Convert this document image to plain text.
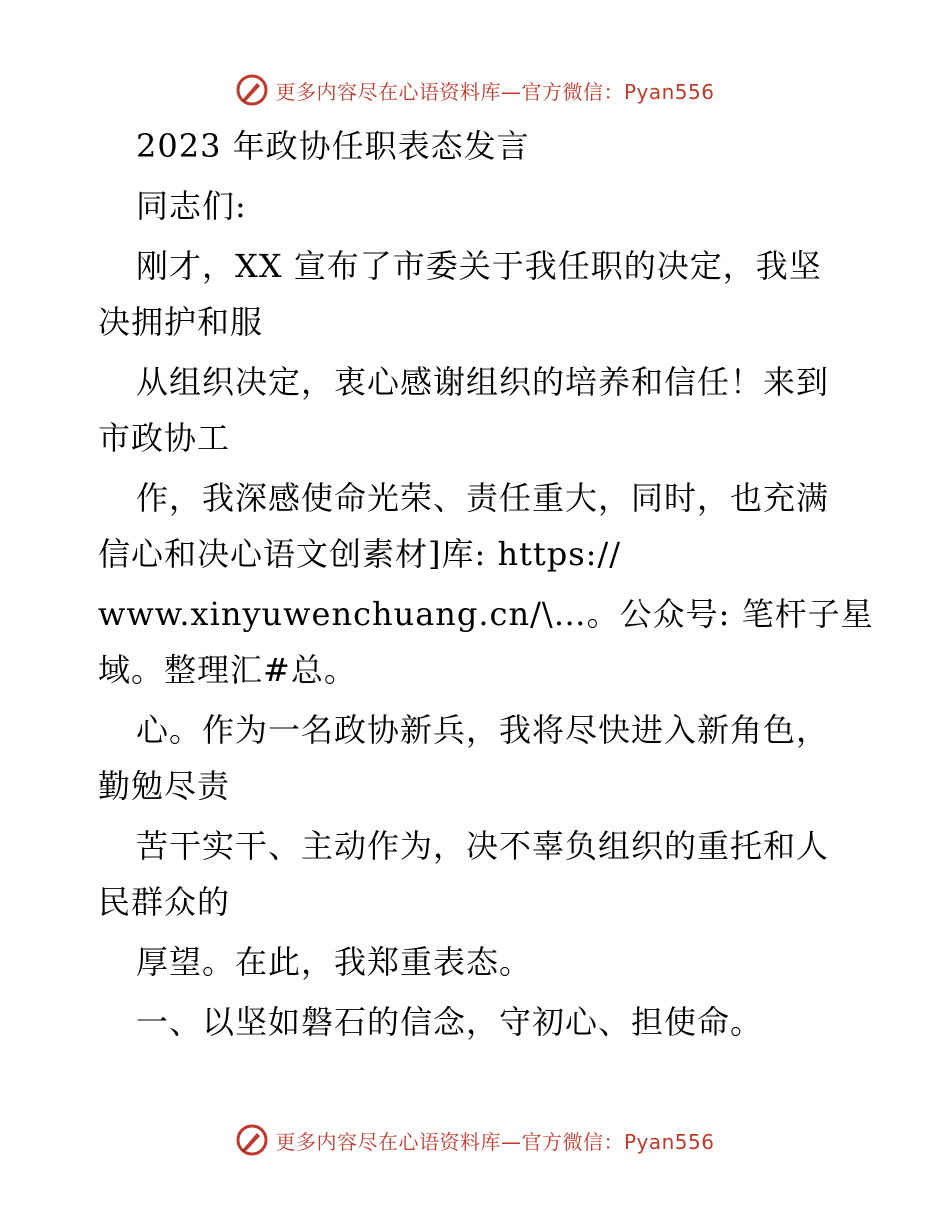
更多内容尽在心语资料库—官方微信：Pyan556
2023 年政协任职表态发言
同志们:
刚才，XX 宣布了市委关于我任职的决定，我坚
决拥护和服
从组织决定，衷心感谢组织的培养和信任！来到
市政协工
作，我深感使命光荣、责任重大，同时，也充满
信心和决心语文创素材]库: https://
www.xinyuwenchuang.cn/\…。公众号: 笔杆子星
域。整理汇#总。
心。作为一名政协新兵，我将尽快进入新角色，
勤勉尽责
苦干实干、主动作为，决不辜负组织的重托和人
民群众的
厚望。在此，我郑重表态。
一、以坚如磐石的信念，守初心、担使命。
更多内容尽在心语资料库—官方微信：Pyan556
